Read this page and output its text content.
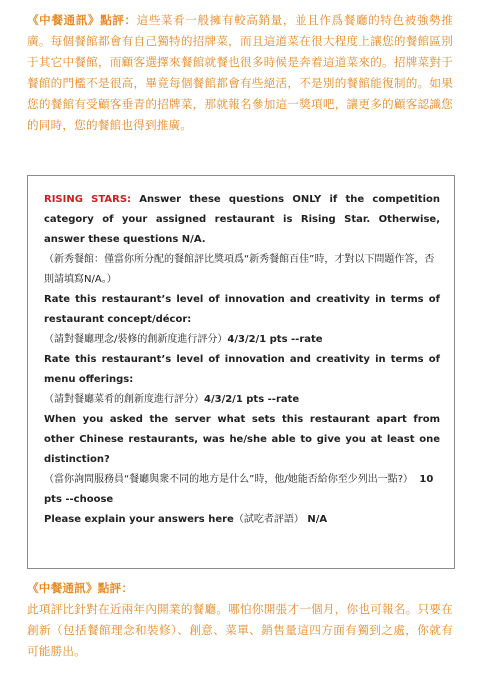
《中餐通訊》點評：這些菜肴一般擁有較高銷量，並且作爲餐廳的特色被強勢推廣。每個餐館都會有自己獨特的招牌菜，而且這道菜在很大程度上讓您的餐館區別于其它中餐館，而顧客選擇來餐館就餐也很多時候是奔着這道菜來的。招牌菜對于餐館的門檻不是很高，畢竟每個餐館都會有些絕活，不是別的餐館能復制的。如果您的餐館有受顧客垂青的招牌菜，那就報名參加這一獎項吧，讓更多的顧客認識您的同時，您的餐館也得到推廣。

RISING STARS: Answer these questions ONLY if the competition category of your assigned restaurant is Rising Star. Otherwise, answer these questions N/A.

（新秀餐館：僅當你所分配的餐館評比獎項爲“新秀餐館百佳”時，才對以下問題作答，否則請填寫N/A。）

Rate this restaurant’s level of innovation and creativity in terms of restaurant concept/décor:

（請對餐廳理念/裝修的創新度進行評分）4/3/2/1 pts --rate

Rate this restaurant’s level of innovation and creativity in terms of menu offerings:

（請對餐廳菜肴的創新度進行評分）4/3/2/1 pts --rate

When you asked the server what sets this restaurant apart from other Chinese restaurants, was he/she able to give you at least one distinction?

（當你詢問服務員“餐廳與衆不同的地方是什么”時，他/她能否給你至少列出一點?） 10 pts --choose

Please explain your answers here（試吃者評語） N/A

《中餐通訊》點評：
此項評比針對在近兩年內開業的餐廳。哪怕你開張才一個月，你也可報名。只要在創新（包括餐館理念和裝修）、創意、菜單、銷售量這四方面有獨到之處，你就有可能勝出。
